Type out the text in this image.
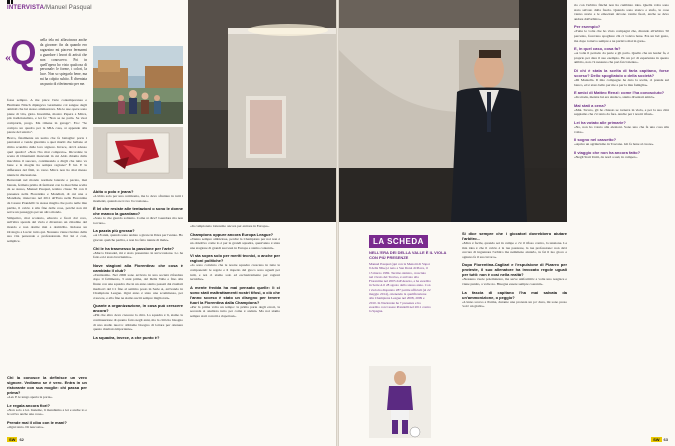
INTERVISTA/Manuel Pasqual
« Q uella tela mi affascinava anche da giovane: fin da quando ero ragazzino mi piaceva fermarmi a guardare i lavori di artisti che non conoscevo. Poi in quell'opera ho visto qualcosa di personale: le forme, i colori, la luce. Non so spiegarlo bene, ma mi ha colpito subito. È diventata un punto di riferimento per me.

fosse sempre. A me piace l'arte contemporanea e Hermann Nitsch dipingeva veramente col sangue degli animali che lui stesso ammazzava. Ma le sue opere sono piene di vita, gioia. Insomma, mostro Papera a Mirca, più tradizionalista, e lei fa: "Non se ne parla. Se vuoi comprarla, prego. Ma rimane in garage". Ero: "Se compro un quadro per la MIA casa, si appende alla parete del salotto".

Bravo, finalmente un uomo che fa battaglia: porta i pantaloni e vende giustizia a quei mariti che ballano al ritmo scandito dalle loro signore. Invece, dov'è adesso quel quadro? «Non l'ho mai comprato». Ricordate la scena di Ornamenti mancanti in cui Aldo chiama dalla macchina il suocero, continuando a dirgli che tutto va bene e la moglie ha sempre ragione? È lui. E la differenza del film, io verso Mirca non ho mai messo niente in discussione.

Benvenuti nel mondo normale laterale e pacato, mai banale, fermata prima di fermarsi con la macchina scelta da se stesso, Manuel Pasqual, terzino classe '82 con 6 presenze nella Fiorentina e Mondiali, di cui una a Mondiale, rinnovato nel 2011 all'Euro nella Fiorentina da Cesare Prandelli: la stessa maglia che porto nelle mie partite, il calcio è alla fine delle cose, perché non mi serve un passaggio per un altro mondo.

Simpatico, mai scontato, educato e fuori dal coro, sull'altra sponda del viola è diventato un cittadino del mondo e non dorme mai a domicilio. Indossa un Orologio a Lucia: tutto qui. Nessuno viene rivelato della sua vita personale e professionale. Per lui è così, semplice.

Chi la conosce la definisce un vero signore. Vediamo se è vero. Entra in un ristorante con sua moglie: chi passa per prima?

«Lei. E le tengo aperta la porta».

Le regala ancora fiori?

«Non solo a lei. Insieme, li mandiamo a lei e anche io e le scrivo anche una cosa».

Prende mai il cibo con le mani?

«Ogni tanto. Di nascosto».

Abito o polo e jeans?

«L'abito solo per una cerimonia, ma lo devo sfruttare in tutti i momenti, quando ne trovo l'occasione».

È lei che resiste alle tentazioni o sono le donne che manco la guardano?

«Sono io che guardo soltanto. Come si dice? Guardare ma non toccare».

La pazzia più grossa?

«A 18 anni, quando sono andato a girare in Ibiza per l'estate. Ho giocato qualche partita, e non ho fatto niente di male».

Chi le ha trasmesso la passione per l'arte?

«Marco Donadel, mi è stato presentato in un'occasione. Lo ha fatto ed è stato bravissimo».

Nove stagioni alla Fiorentina: che cosa è cambiato il club?

«Tantissimo. Nel 2006 sono arrivato in una società rifondata dopo il fallimento, 3 anni prima, dal Della Valle e fino alla finale con una squadra che in un anno siamo passati dai risultati mediocri del C1 fino al settimo posto in Serie A, arrivando in Champions League. Ogni anno è stato una scommessa, per crescere, e alla fine ne siamo usciti sempre migliorati».

Quante a organizzazione, in cosa può crescere ancora?

«Più che altro deve crescere la città. La squadra è lì, siamo la continuazione di quanto fatto negli anni, ma la città ha bisogno di uno stadio nuovo: abbiamo bisogno di lottare per ottenere questo risultato importante».

La squadra, invece, a che punto è?

«In campionato lotteremo ancora per entrare in Europa».

Champions oppure ancora Europa League?

«Vanno sempre ambiziose, perché la Champions per noi non è un obiettivo come lo è per le grandi squadre, quest'anno è stata una stagione di grandi successi in Europa e siamo contenti».

Vi sta sopra solo per meriti tecnici, o anche per ragioni politiche?

«Io sono convinto che le nostre squadre crescano in tutte le componenti: le regole e il rispetto del gioco sono uguali per tutti, e noi ci siamo solo ed esclusivamente per ragioni tecniche».

A mente fredda ha mai pensato quelle: lì ci sono stati maltrattamenti nostri tifosi, o ciò che l'anno scorso è stato un disegno per tenere fuori la Fiorentina dalla Champions?

«Per la prima volta un tempo: la prima parte degli errori, la seconda si analizza tutto per come è andata. Ma noi siamo sempre stati corretti e rispettosi».

SW 62
LA SCHEDA
NELL'ERA DEI DELLA VALLE È IL VIOLA CON PIÙ PRESENZE
Manuel Pasqual (qui con la Menotti di Vapor 9 della Nike) è nato a San Donà di Piave, il 13 marzo 1982. Terzino sinistro, cresciuto nel vivaio del Treviso, è arrivato alla Fiorentina nel 2005 dall'Arezzo, e ha esordito in Serie A il 28 agosto dello stesso anno. Con i viola ha disputato 287 partite ufficiali (al 22 maggio 2014), ottenendo la qualificazione alla Champions League nel 2008, 2009 e 2010. In Nazionale ha 7 presenze e ha esordito con Cesare Prandelli nel 2011 contro la Spagna.

Si dice sempre che i giocatori dovrebbero aiutare l'arbitro...

«Mica è facile, quando sei in campo e c'è il tifoso contro, la tensione. La mia idea è che il calcio è la tua passione, la tua professione: non devi cercare di ingannare l'arbitro ma nemmeno aiutarlo, tu fai il tuo gioco e ognuno fa il suo lavoro».

Dopo Fiorentina-Cagliari e l'espulsione di Pizarro per proteste, il suo allenatore ha invocato regole uguali per tutti: non è così nella realtà?

«Nessuno vuole polemizzare, ma serve uniformità: a volte uno reagisce e viene punito, a volte no. Bisogna essere sempre coerenti».

La fascia di capitano l'ha mai salvata da un'ammonizione, o peggio?

«L'anno scorso a Parma, durante una protesta un po' dura, mi sono preso 'solo' un giallo».

rio con l'arbitro finché non ha cambiato idea. Quella volta sono stato salvato dalla fascia. Quando sono stanco e stufo, le cose vanno storte e le emozioni devono venire fuori, anche se devo andare dall'arbitro».

Per esempio?

«Tutte le volte che ho visto compagni che, dicendo all'arbitro 50 percento, facevano spogliare chi ci voleva bene. Era un bel gesto, ma dopo tornavo sempre e ne parlavo mai in gara».

E, in quel caso, cosa fa?

«A volte il periodo da parte e gli parlo. Quello che un leader fa, è proprio per dare il suo esempio. Ho un po' di esperienza in questo ambito, non c'è nessuno che può farci niente».

Di chi è stata la scelta di farla capitano, forse scorso? Dello spogliatoio o della società?

«Di Montella. Il mio compagno ha dato la scelta, ci prende sul banco, ed è stato bello per me e per la mia famiglia».

E amici di Matteo Renzi: come l'ha conosciuto?

«In strada, mentre lui era sindaco, siamo diventati amici».

Mai stati a cena?

«Mai. Sicuro, gli ho chiesto se tornava in viola, e per la sua città sappiamo che c'è tanto da fare. Anche per i nostri tifosi».

Lei ha votato alle primarie?

«No, non ho votato alle elezioni. Sono uno che fa una cosa alla volta».

Il sogno nel cassetto?

«Aprire un agriturismo in Toscana. Gli fa bene al cuore».

Il viaggio che non ha ancora fatto?

«Negli Stati Uniti, da nord a sud, in camper».

SW 63
